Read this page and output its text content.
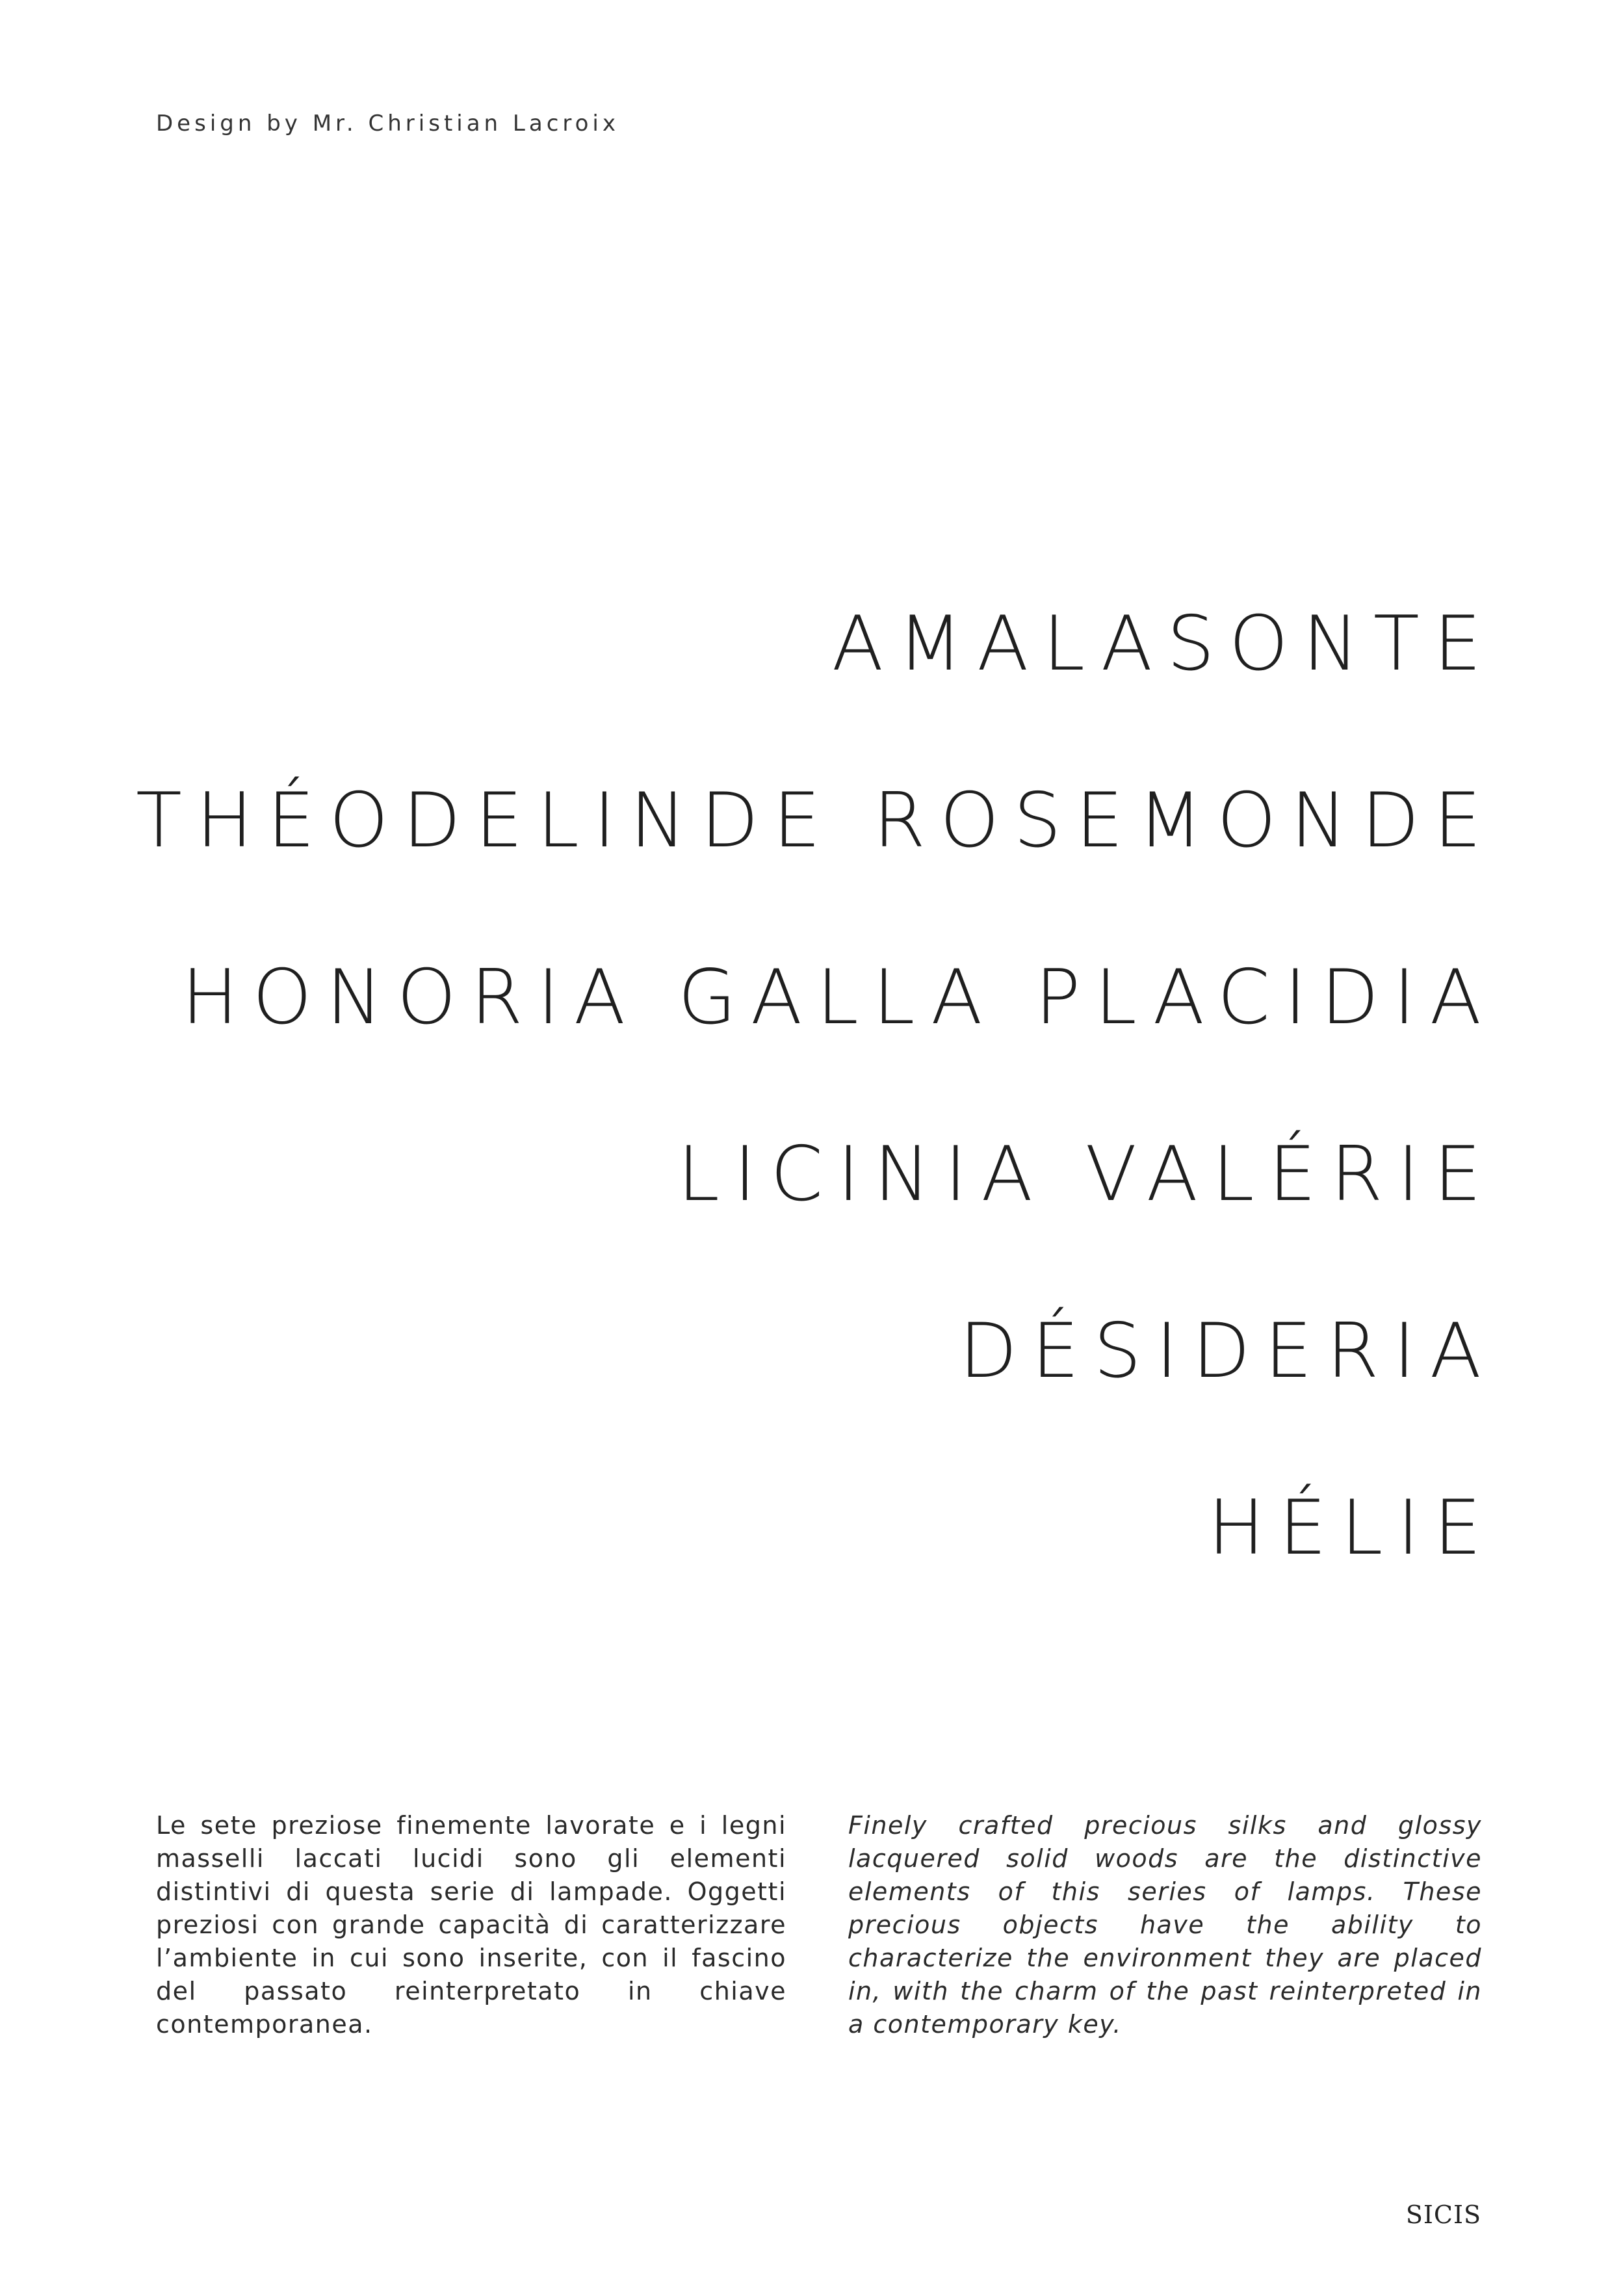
Design by Mr. Christian Lacroix
AMALASONTE
THÉODELINDE ROSEMONDE
HONORIA GALLA PLACIDIA
LICINIA VALÉRIE
DÉSIDERIA
HÉLIE

Le sete preziose finemente lavorate e i legni masselli laccati lucidi sono gli elementi distintivi di questa serie di lampade. Oggetti preziosi con grande capacità di caratterizzare l’ambiente in cui sono inserite, con il fascino del passato reinterpretato in chiave contemporanea.

Finely crafted precious silks and glossy lacquered solid woods are the distinctive elements of this series of lamps. These precious objects have the ability to characterize the environment they are placed in, with the charm of the past reinterpreted in a contemporary key.

SICIS
